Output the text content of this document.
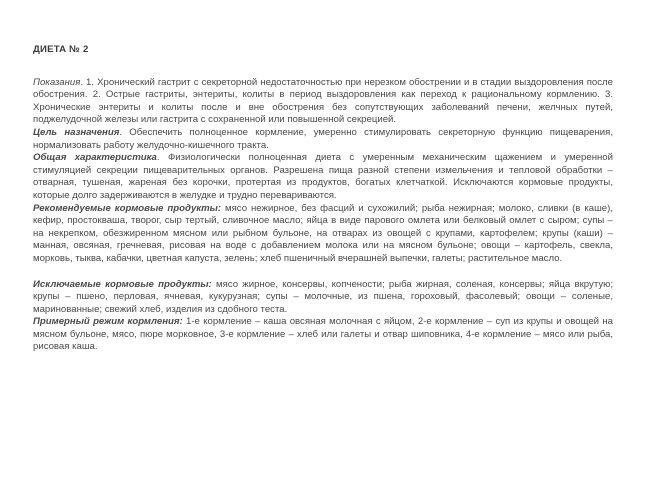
ДИЕТА № 2

Показания. 1. Хронический гастрит с секреторной недостаточностью при нерезком обострении и в стадии выздоровления после обострения. 2. Острые гастриты, энтериты, колиты в период выздоровления как переход к рациональному кормлению. 3. Хронические энтериты и колиты после и вне обострения без сопутствующих заболеваний печени, желчных путей, поджелудочной железы или гастрита с сохраненной или повышенной секрецией.

Цель назначения. Обеспечить полноценное кормление, умеренно стимулировать секреторную функцию пищеварения, нормализовать работу желудочно-кишечного тракта.

Общая характеристика. Физиологически полноценная диета с умеренным механическим щажением и умеренной стимуляцией секреции пищеварительных органов. Разрешена пища разной степени измельчения и тепловой обработки – отварная, тушеная, жареная без корочки, протертая из продуктов, богатых клетчаткой. Исключаются кормовые продукты, которые долго задерживаются в желудке и трудно перевариваются.

Рекомендуемые кормовые продукты: мясо нежирное, без фасций и сухожилий; рыба нежирная; молоко, сливки (в каше), кефир, простокваша, творог, сыр тертый, сливочное масло; яйца в виде парового омлета или белковый омлет с сыром; супы – на некрепком, обезжиренном мясном или рыбном бульоне, на отварах из овощей с крупами, картофелем; крупы (каши) – манная, овсяная, гречневая, рисовая на воде с добавлением молока или на мясном бульоне; овощи – картофель, свекла, морковь, тыква, кабачки, цветная капуста, зелень; хлеб пшеничный вчерашней выпечки, галеты; растительное масло.

Исключаемые кормовые продукты: мясо жирное, консервы, копчености; рыба жирная, соленая, консервы; яйца вкрутую; крупы – пшено, перловая, ячневая, кукурузная; супы – молочные, из пшена, гороховый, фасолевый; овощи – соленые, маринованные; свежий хлеб, изделия из сдобного теста.

Примерный режим кормления: 1-е кормление – каша овсяная молочная с яйцом, 2-е кормление – суп из крупы и овощей на мясном бульоне, мясо, пюре морковное, 3-е кормление – хлеб или галеты и отвар шиповника, 4-е кормление – мясо или рыба, рисовая каша.
